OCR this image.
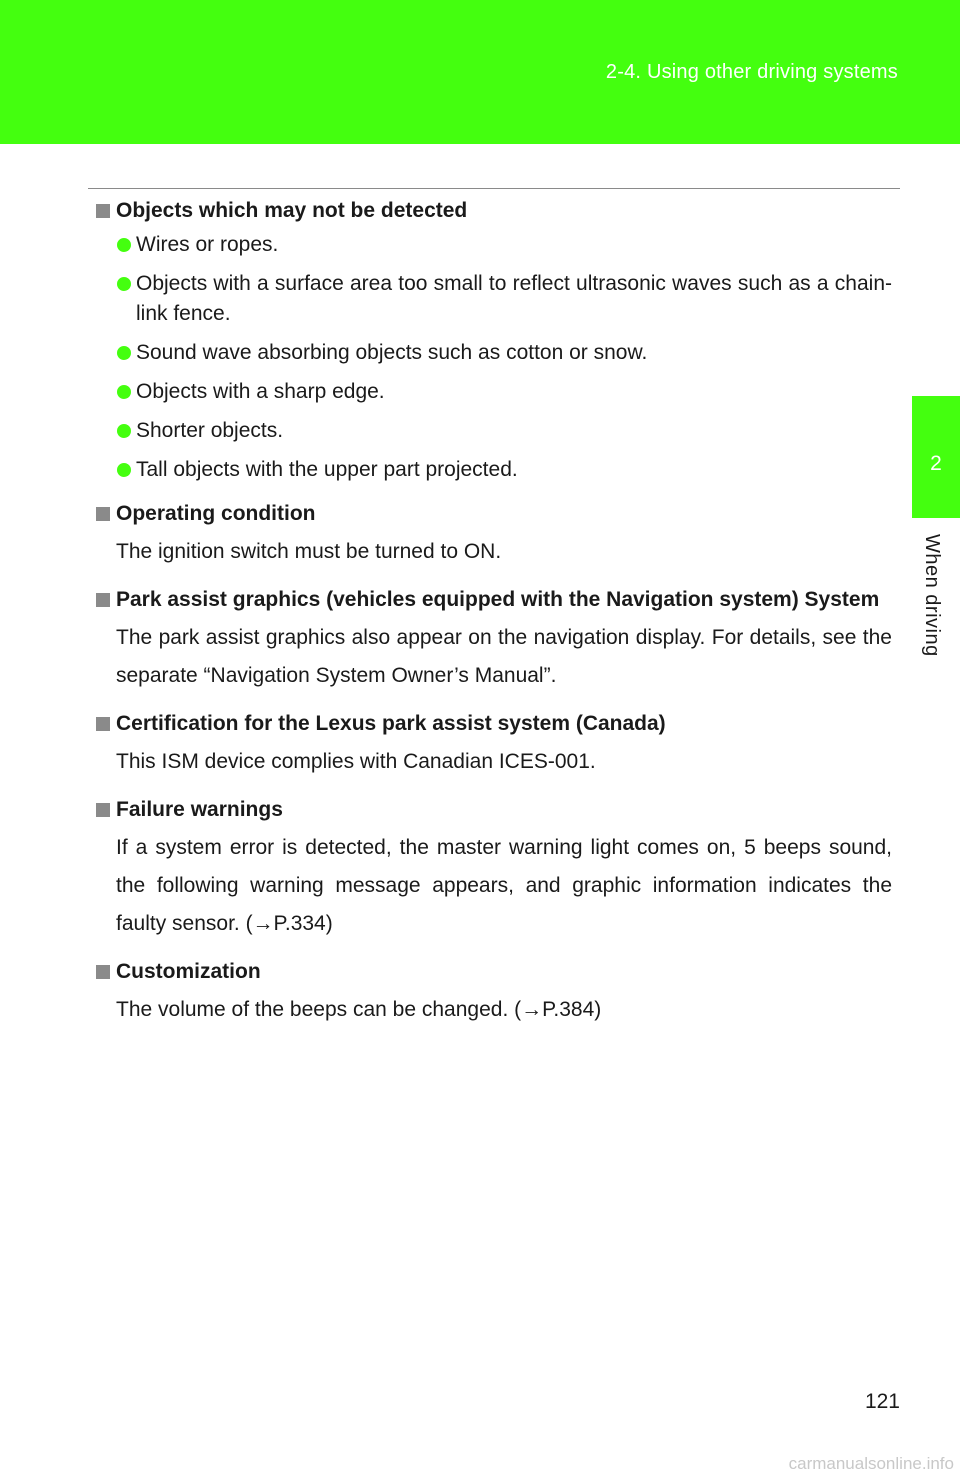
2-4. Using other driving systems
2
When driving
Objects which may not be detected
Wires or ropes.
Objects with a surface area too small to reflect ultrasonic waves such as a chain-link fence.
Sound wave absorbing objects such as cotton or snow.
Objects with a sharp edge.
Shorter objects.
Tall objects with the upper part projected.
Operating condition

The ignition switch must be turned to ON.

Park assist graphics (vehicles equipped with the Navigation system) System

The park assist graphics also appear on the navigation display. For details, see the separate “Navigation System Owner’s Manual”.

Certification for the Lexus park assist system (Canada)

This ISM device complies with Canadian ICES-001.

Failure warnings

If a system error is detected, the master warning light comes on, 5 beeps sound, the following warning message appears, and graphic information indicates the faulty sensor. (→P.334)

Customization

The volume of the beeps can be changed. (→P.384)

121
carmanualsonline.info
